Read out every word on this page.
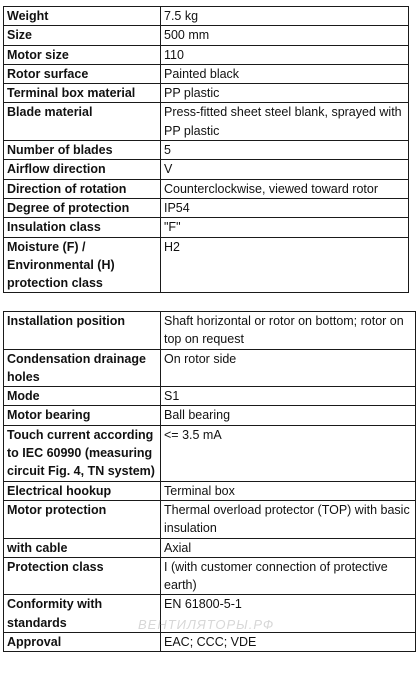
Weight	7.5 kg
Size	500 mm
Motor size	110
Rotor surface	Painted black
Terminal box material	PP plastic
Blade material	Press-fitted sheet steel blank, sprayed with PP plastic
Number of blades	5
Airflow direction	V
Direction of rotation	Counterclockwise, viewed toward rotor
Degree of protection	IP54
Insulation class	"F"
Moisture (F) / Environmental (H) protection class	H2
Installation position	Shaft horizontal or rotor on bottom; rotor on top on request
Condensation drainage holes	On rotor side
Mode	S1
Motor bearing	Ball bearing
Touch current according to IEC 60990 (measuring circuit Fig. 4, TN system)	<= 3.5 mA
Electrical hookup	Terminal box
Motor protection	Thermal overload protector (TOP) with basic insulation
with cable	Axial
Protection class	I (with customer connection of protective earth)
Conformity with standards	EN 61800-5-1
Approval	EAC; CCC; VDE
ВЕНТИЛЯТОРЫ.РФ
